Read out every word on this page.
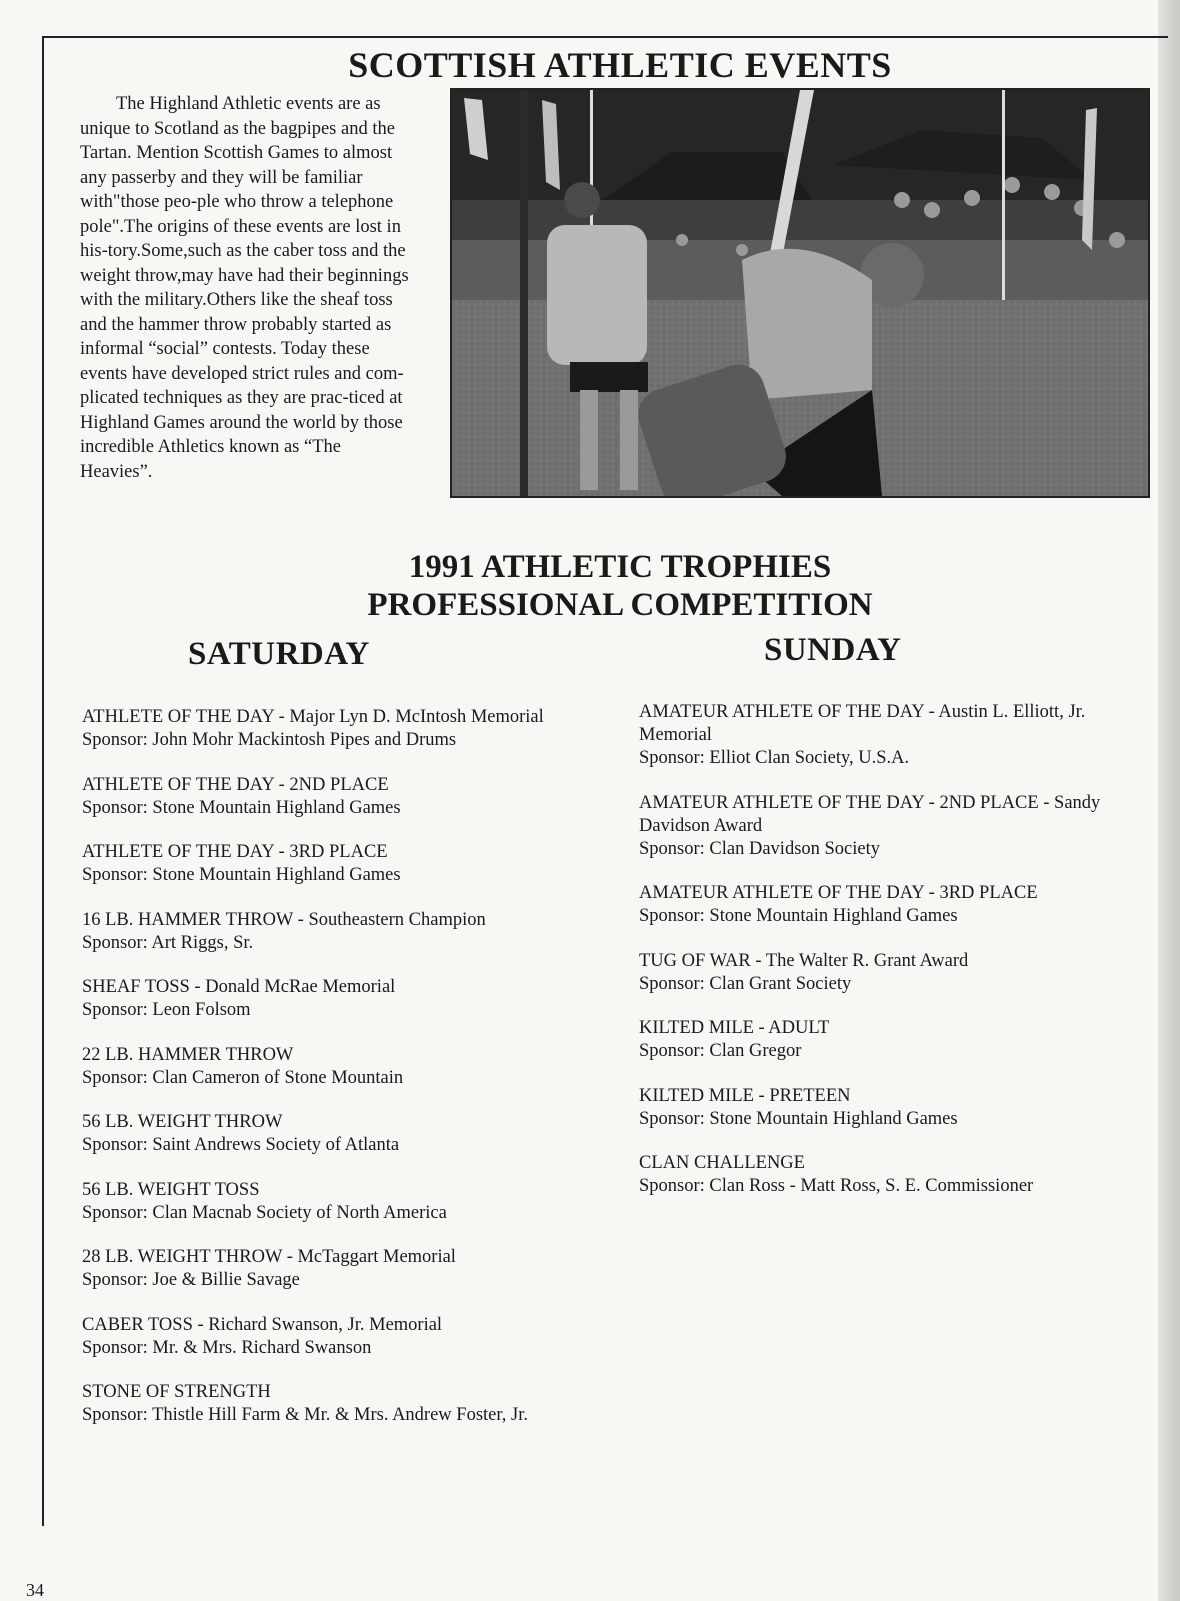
SCOTTISH ATHLETIC EVENTS

The Highland Athletic events are as unique to Scotland as the bagpipes and the Tartan. Mention Scottish Games to almost any passerby and they will be familiar with"those peo-ple who throw a telephone pole".The origins of these events are lost in his-tory.Some,such as the caber toss and the weight throw,may have had their beginnings with the military.Others like the sheaf toss and the hammer throw probably started as informal “social” contests. Today these events have developed strict rules and com-plicated techniques as they are prac-ticed at Highland Games around the world by those incredible Athletics known as “The Heavies”.

1991 ATHLETIC TROPHIES
PROFESSIONAL COMPETITION
SATURDAY	SUNDAY
ATHLETE OF THE DAY - Major Lyn D. McIntosh Memorial
Sponsor: John Mohr Mackintosh Pipes and Drums
ATHLETE OF THE DAY - 2ND PLACE
Sponsor: Stone Mountain Highland Games
ATHLETE OF THE DAY - 3RD PLACE
Sponsor: Stone Mountain Highland Games
16 LB. HAMMER THROW - Southeastern Champion
Sponsor: Art Riggs, Sr.
SHEAF TOSS - Donald McRae Memorial
Sponsor: Leon Folsom
22 LB. HAMMER THROW
Sponsor: Clan Cameron of Stone Mountain
56 LB. WEIGHT THROW
Sponsor: Saint Andrews Society of Atlanta
56 LB. WEIGHT TOSS
Sponsor: Clan Macnab Society of North America
28 LB. WEIGHT THROW - McTaggart Memorial
Sponsor: Joe & Billie Savage
CABER TOSS - Richard Swanson, Jr. Memorial
Sponsor: Mr. & Mrs. Richard Swanson
STONE OF STRENGTH
Sponsor: Thistle Hill Farm & Mr. & Mrs. Andrew Foster, Jr.
AMATEUR ATHLETE OF THE DAY - Austin L. Elliott, Jr. Memorial
Sponsor: Elliot Clan Society, U.S.A.
AMATEUR ATHLETE OF THE DAY - 2ND PLACE - Sandy Davidson Award
Sponsor: Clan Davidson Society
AMATEUR ATHLETE OF THE DAY - 3RD PLACE
Sponsor: Stone Mountain Highland Games
TUG OF WAR - The Walter R. Grant Award
Sponsor: Clan Grant Society
KILTED MILE - ADULT
Sponsor: Clan Gregor
KILTED MILE - PRETEEN
Sponsor: Stone Mountain Highland Games
CLAN CHALLENGE
Sponsor: Clan Ross - Matt Ross, S. E. Commissioner

34
